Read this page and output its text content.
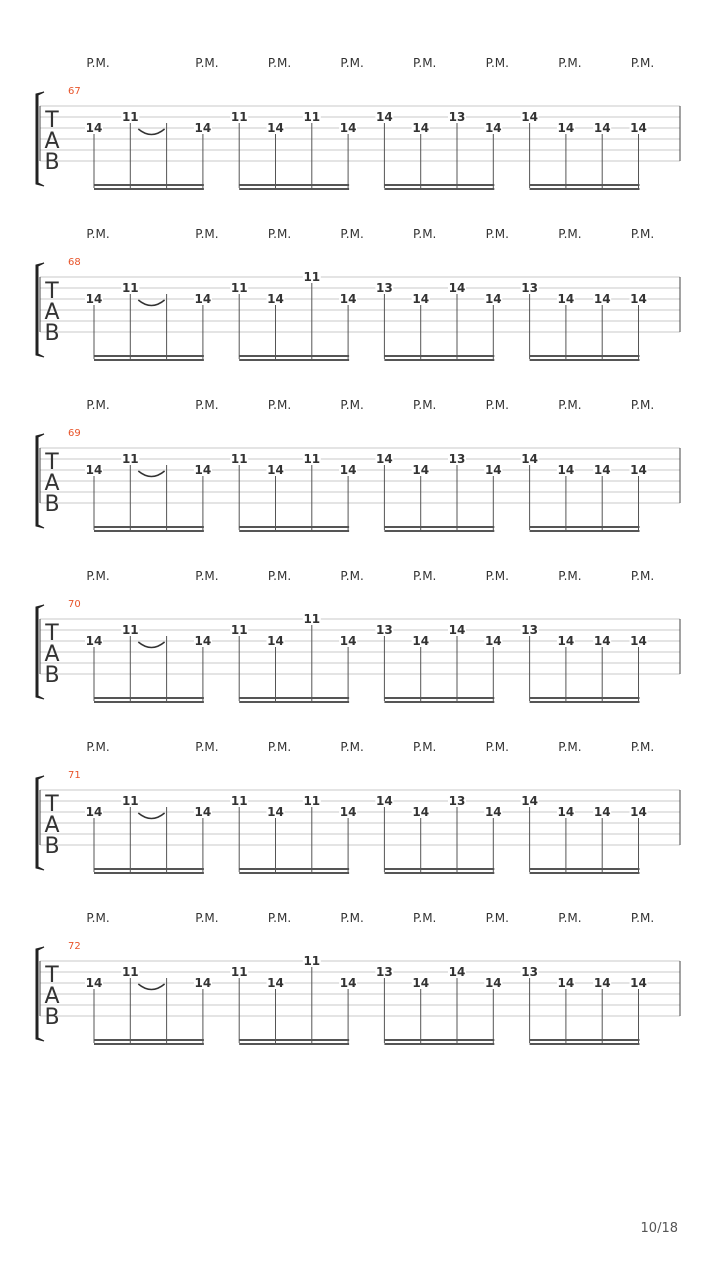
P.M.	P.M.	P.M.	P.M.	P.M.	P.M.	P.M.	P.M.
67
T
A
B
14
11
14
11
14
11
14
14
14
13
14
14
14 14 14
P.M.	P.M.	P.M.	P.M.	P.M.	P.M.	P.M.	P.M.
68
T
A
B
14
11
14
11
14
11
14
13
14
14
14
13
14 14 14
P.M.	P.M.	P.M.	P.M.	P.M.	P.M.	P.M.	P.M.
69
T
A
B
14
11
14
11
14
11
14
14
14
13
14
14
14 14 14
P.M.	P.M.	P.M.	P.M.	P.M.	P.M.	P.M.	P.M.
70
T
A
B
14
11
14
11
14
11
14
13
14
14
14
13
14 14 14
P.M.	P.M.	P.M.	P.M.	P.M.	P.M.	P.M.	P.M.
71
T
A
B
14
11
14
11
14
11
14
14
14
13
14
14
14 14 14
P.M.	P.M.	P.M.	P.M.	P.M.	P.M.	P.M.	P.M.
72
T
A
B
14
11
14
11
14
11
14
13
14
14
14
13
14 14 14
10/18
